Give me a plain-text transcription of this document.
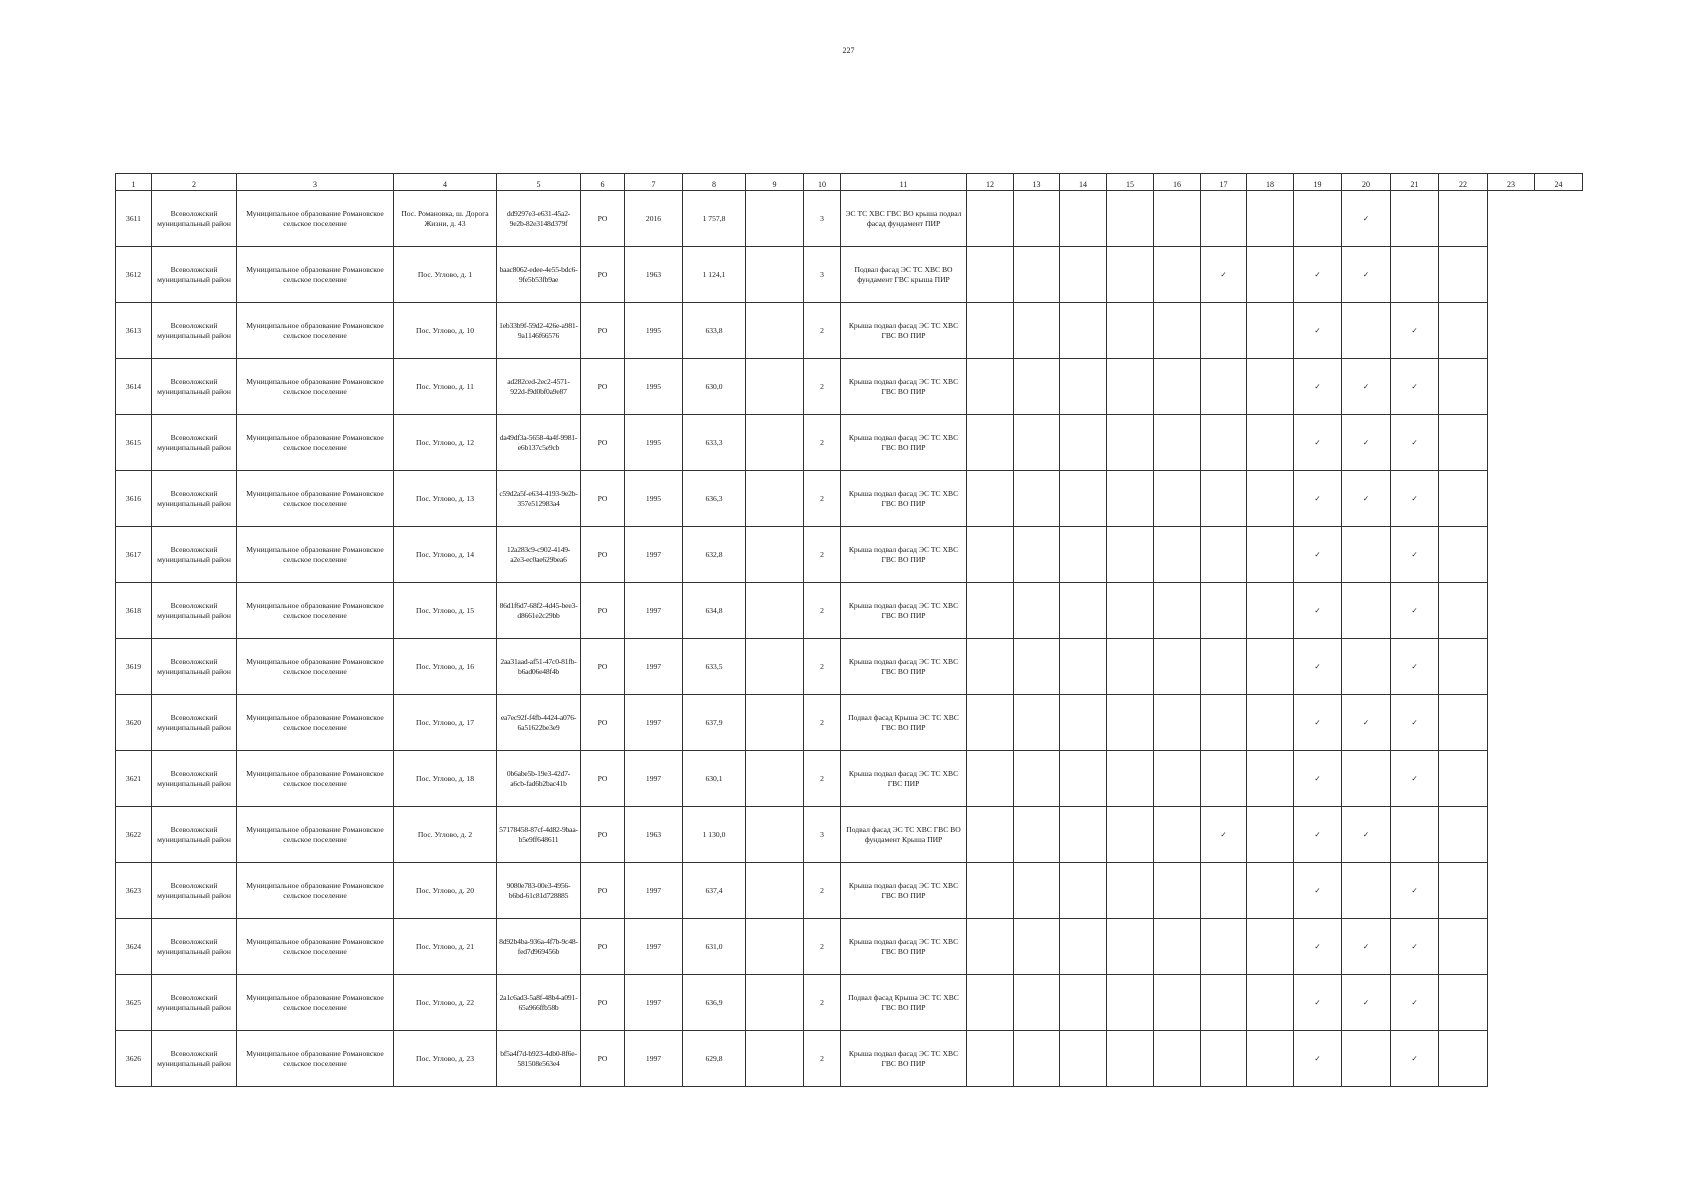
227
1	2	3	4	5	6	7	8	9	10	11	12	13	14	15	16	17	18	19	20	21	22	23	24
3611	Всеволожский муниципальный район	Муниципальное образование Романовское сельское поселение	Пос. Романовка, ш. Дорога Жизни, д. 43	dd9297e3-e631-45a2-9e2b-82e3148d379f	РО	2016	1 757,8		3	ЭС ТС ХВС ГВС ВО крыша подвал фасад фундамент ПИР									✓				
3612	Всеволожский муниципальный район	Муниципальное образование Романовское сельское поселение	Пос. Углово, д. 1	baac8062-edee-4e55-bdc6-9fe5b53fb9ae	РО	1963	1 124,1		3	Подвал фасад ЭС ТС ХВС ВО фундамент ГВС крыша ПИР						✓		✓	✓				
3613	Всеволожский муниципальный район	Муниципальное образование Романовское сельское поселение	Пос. Углово, д. 10	1eb33b9f-59d2-426e-a981-9a1146f66576	РО	1995	633,8		2	Крыша подвал фасад ЭС ТС ХВС ГВС ВО ПИР								✓		✓			
3614	Всеволожский муниципальный район	Муниципальное образование Романовское сельское поселение	Пос. Углово, д. 11	ad282ced-2ec2-4571-922d-f9d0bf0a9e87	РО	1995	630,0		2	Крыша подвал фасад ЭС ТС ХВС ГВС ВО ПИР								✓	✓	✓			
3615	Всеволожский муниципальный район	Муниципальное образование Романовское сельское поселение	Пос. Углово, д. 12	da49df3a-5658-4a4f-9981-e6b137c5e9cb	РО	1995	633,3		2	Крыша подвал фасад ЭС ТС ХВС ГВС ВО ПИР								✓	✓	✓			
3616	Всеволожский муниципальный район	Муниципальное образование Романовское сельское поселение	Пос. Углово, д. 13	c59d2a5f-e634-4193-9e2b-357e512983a4	РО	1995	636,3		2	Крыша подвал фасад ЭС ТС ХВС ГВС ВО ПИР								✓	✓	✓			
3617	Всеволожский муниципальный район	Муниципальное образование Романовское сельское поселение	Пос. Углово, д. 14	12a283c9-c902-4149-a2e3-ec0ae629bea6	РО	1997	632,8		2	Крыша подвал фасад ЭС ТС ХВС ГВС ВО ПИР								✓		✓			
3618	Всеволожский муниципальный район	Муниципальное образование Романовское сельское поселение	Пос. Углово, д. 15	86d1f6d7-68f2-4d45-bee3-d8661e2c29bb	РО	1997	634,8		2	Крыша подвал фасад ЭС ТС ХВС ГВС ВО ПИР								✓		✓			
3619	Всеволожский муниципальный район	Муниципальное образование Романовское сельское поселение	Пос. Углово, д. 16	2aa31aad-af51-47c0-81fb-b6ad06e48f4b	РО	1997	633,5		2	Крыша подвал фасад ЭС ТС ХВС ГВС ВО ПИР								✓		✓			
3620	Всеволожский муниципальный район	Муниципальное образование Романовское сельское поселение	Пос. Углово, д. 17	ea7ec92f-f4fb-4424-a076-6a51622be3e9	РО	1997	637,9		2	Подвал фасад Крыша ЭС ТС ХВС ГВС ВО ПИР								✓	✓	✓			
3621	Всеволожский муниципальный район	Муниципальное образование Романовское сельское поселение	Пос. Углово, д. 18	0b6abe5b-19e3-42d7-a6cb-fad6b2bac41b	РО	1997	630,1		2	Крыша подвал фасад ЭС ТС ХВС ГВС ПИР								✓		✓			
3622	Всеволожский муниципальный район	Муниципальное образование Романовское сельское поселение	Пос. Углово, д. 2	57178458-87cf-4d82-9baa-b5e9ff648611	РО	1963	1 130,0		3	Подвал фасад ЭС ТС ХВС ГВС ВО фундамент Крыша ПИР						✓		✓	✓				
3623	Всеволожский муниципальный район	Муниципальное образование Романовское сельское поселение	Пос. Углово, д. 20	9080e783-00e3-4956-b6bd-61c81d728885	РО	1997	637,4		2	Крыша подвал фасад ЭС ТС ХВС ГВС ВО ПИР								✓		✓			
3624	Всеволожский муниципальный район	Муниципальное образование Романовское сельское поселение	Пос. Углово, д. 21	8d92b4ba-936a-4f7b-9c48-fed7d969456b	РО	1997	631,0		2	Крыша подвал фасад ЭС ТС ХВС ГВС ВО ПИР								✓	✓	✓			
3625	Всеволожский муниципальный район	Муниципальное образование Романовское сельское поселение	Пос. Углово, д. 22	2a1c6ad3-5a8f-48b4-a091-65a966ffb58b	РО	1997	636,9		2	Подвал фасад Крыша ЭС ТС ХВС ГВС ВО ПИР								✓	✓	✓			
3626	Всеволожский муниципальный район	Муниципальное образование Романовское сельское поселение	Пос. Углово, д. 23	bf5a4f7d-b923-4db0-8f6e-581508e563e4	РО	1997	629,8		2	Крыша подвал фасад ЭС ТС ХВС ГВС ВО ПИР								✓		✓			
